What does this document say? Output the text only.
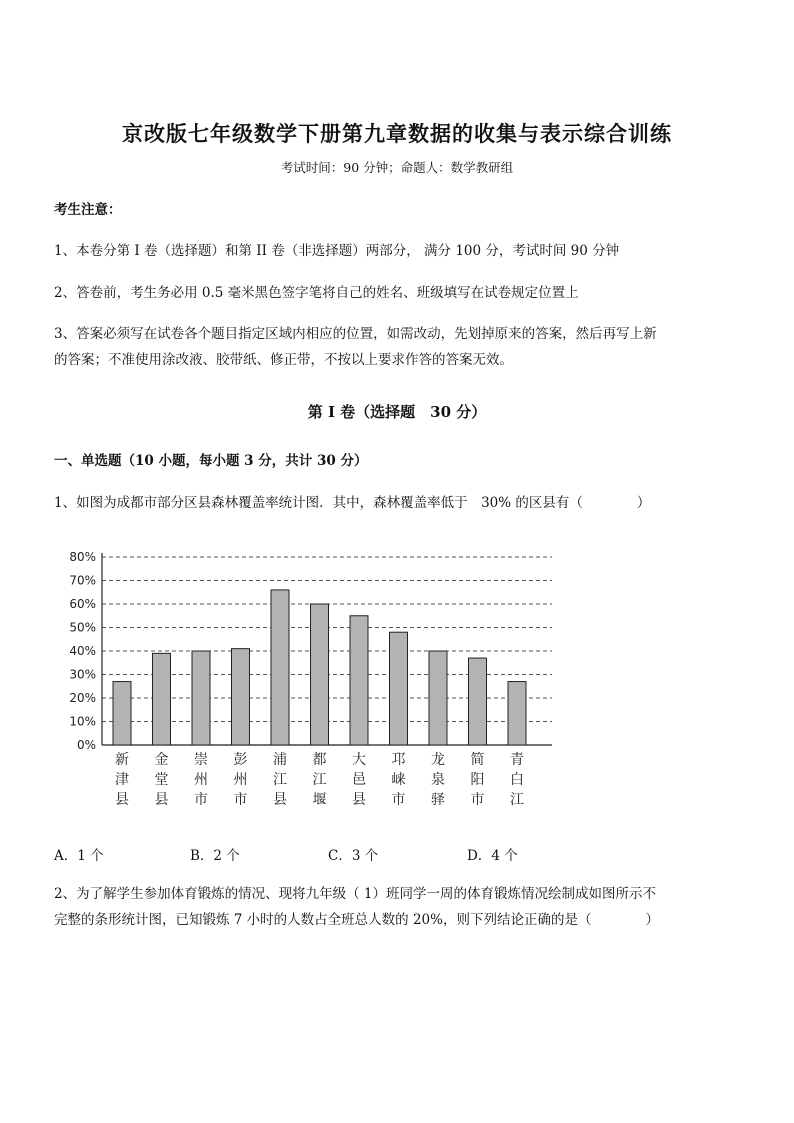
京改版七年级数学下册第九章数据的收集与表示综合训练
考试时间：90 分钟；命题人：数学教研组
考生注意：
1、本卷分第 I 卷（选择题）和第 II 卷（非选择题）两部分， 满分 100 分，考试时间 90 分钟
2、答卷前，考生务必用 0.5 毫米黑色签字笔将自己的姓名、班级填写在试卷规定位置上
3、答案必须写在试卷各个题目指定区域内相应的位置，如需改动，先划掉原来的答案，然后再写上新
的答案；不准使用涂改液、胶带纸、修正带，不按以上要求作答的答案无效。
第 I 卷（选择题　30 分）
一、单选题（10 小题，每小题 3 分，共计 30 分）
1、如图为成都市部分区县森林覆盖率统计图．其中，森林覆盖率低于　30% 的区县有（　　　　）
0%
10%
20%
30%
40%
50%
60%
70%
80%
新
津
县
金
堂
县
崇
州
市
彭
州
市
浦
江
县
都
江
堰
大
邑
县
邛
崃
市
龙
泉
驿
简
阳
市
青
白
江
A．1 个	B．2 个	C．3 个	D．4 个
2、为了解学生参加体育锻炼的情况、现将九年级（ 1）班同学一周的体育锻炼情况绘制成如图所示不
完整的条形统计图，已知锻炼 7 小时的人数占全班总人数的 20%，则下列结论正确的是（　　　　）
